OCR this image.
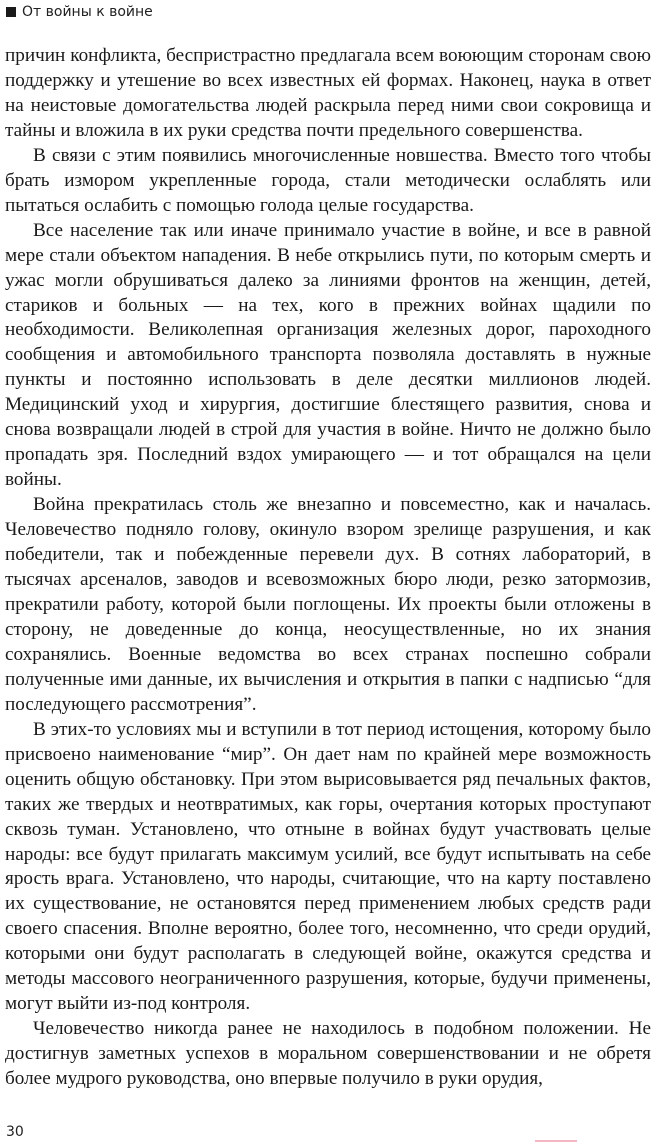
От войны к войне

причин конфликта, беспристрастно предлагала всем воюющим сторонам свою поддержку и утешение во всех известных ей формах. Наконец, наука в ответ на неистовые домогательства людей раскрыла перед ними свои сокровища и тайны и вложила в их руки средства почти предельного совершенства.

В связи с этим появились многочисленные новшества. Вместо того чтобы брать измором укрепленные города, стали методически ослаблять или пытаться ослабить с помощью голода целые государства.

Все население так или иначе принимало участие в войне, и все в равной мере стали объектом нападения. В небе открылись пути, по которым смерть и ужас могли обрушиваться далеко за линиями фронтов на женщин, детей, стариков и больных — на тех, кого в прежних войнах щадили по необходимости. Великолепная организация железных дорог, пароходного сообщения и автомобильного транспорта позволяла доставлять в нужные пункты и постоянно использовать в деле десятки миллионов людей. Медицинский уход и хирургия, достигшие блестящего развития, снова и снова возвращали людей в строй для участия в войне. Ничто не должно было пропадать зря. Последний вздох умирающего — и тот обращался на цели войны.

Война прекратилась столь же внезапно и повсеместно, как и началась. Человечество подняло голову, окинуло взором зрелище разрушения, и как победители, так и побежденные перевели дух. В сотнях лабораторий, в тысячах арсеналов, заводов и всевозможных бюро люди, резко затормозив, прекратили работу, которой были поглощены. Их проекты были отложены в сторону, не доведенные до конца, неосуществленные, но их знания сохранялись. Военные ведомства во всех странах поспешно собрали полученные ими данные, их вычисления и открытия в папки с надписью “для последующего рассмотрения”.

В этих-то условиях мы и вступили в тот период истощения, которому было присвоено наименование “мир”. Он дает нам по крайней мере возможность оценить общую обстановку. При этом вырисовывается ряд печальных фактов, таких же твердых и неотвратимых, как горы, очертания которых проступают сквозь туман. Установлено, что отныне в войнах будут участвовать целые народы: все будут прилагать максимум усилий, все будут испытывать на себе ярость врага. Установлено, что народы, считающие, что на карту поставлено их существование, не остановятся перед применением любых средств ради своего спасения. Вполне вероятно, более того, несомненно, что среди орудий, которыми они будут располагать в следующей войне, окажутся средства и методы массового неограниченного разрушения, которые, будучи применены, могут выйти из-под контроля.

Человечество никогда ранее не находилось в подобном положении. Не достигнув заметных успехов в моральном совершенствовании и не обретя более мудрого руководства, оно впервые получило в руки орудия,

30
